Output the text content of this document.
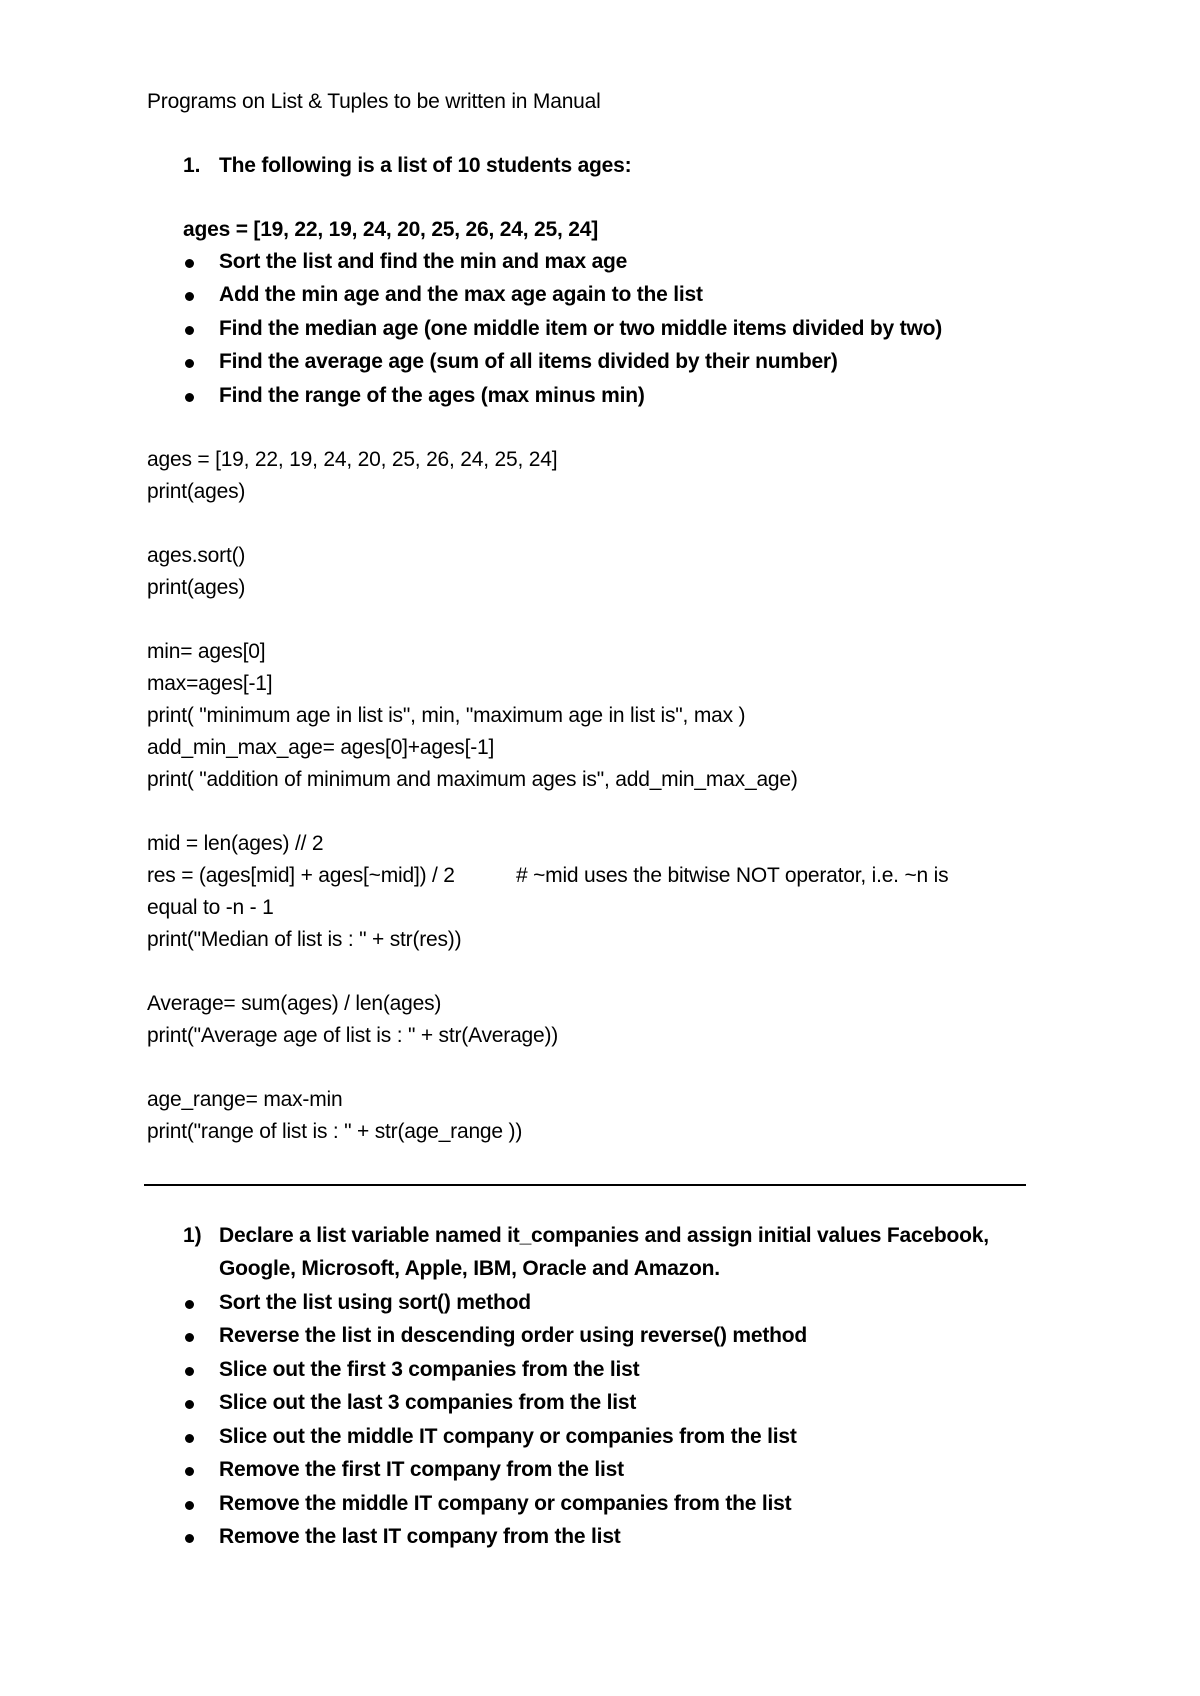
Programs on List & Tuples to be written in Manual
1. The following is a list of 10 students ages:
ages = [19, 22, 19, 24, 20, 25, 26, 24, 25, 24]
Sort the list and find the min and max age
Add the min age and the max age again to the list
Find the median age (one middle item or two middle items divided by two)
Find the average age (sum of all items divided by their number)
Find the range of the ages (max minus min)
ages = [19, 22, 19, 24, 20, 25, 26, 24, 25, 24]
print(ages)
ages.sort()
print(ages)
min= ages[0]
max=ages[-1]
print( "minimum age in list is", min, "maximum age in list is", max )
add_min_max_age= ages[0]+ages[-1]
print( "addition of minimum and maximum ages is", add_min_max_age)
mid = len(ages) // 2
res = (ages[mid] + ages[~mid]) / 2	# ~mid uses the bitwise NOT operator, i.e. ~n is
equal to -n - 1
print("Median of list is : " + str(res))
Average= sum(ages) / len(ages)
print("Average age of list is : " + str(Average))
age_range= max-min
print("range of list is : " + str(age_range ))
1) Declare a list variable named it_companies and assign initial values Facebook,
Google, Microsoft, Apple, IBM, Oracle and Amazon.
Sort the list using sort() method
Reverse the list in descending order using reverse() method
Slice out the first 3 companies from the list
Slice out the last 3 companies from the list
Slice out the middle IT company or companies from the list
Remove the first IT company from the list
Remove the middle IT company or companies from the list
Remove the last IT company from the list
